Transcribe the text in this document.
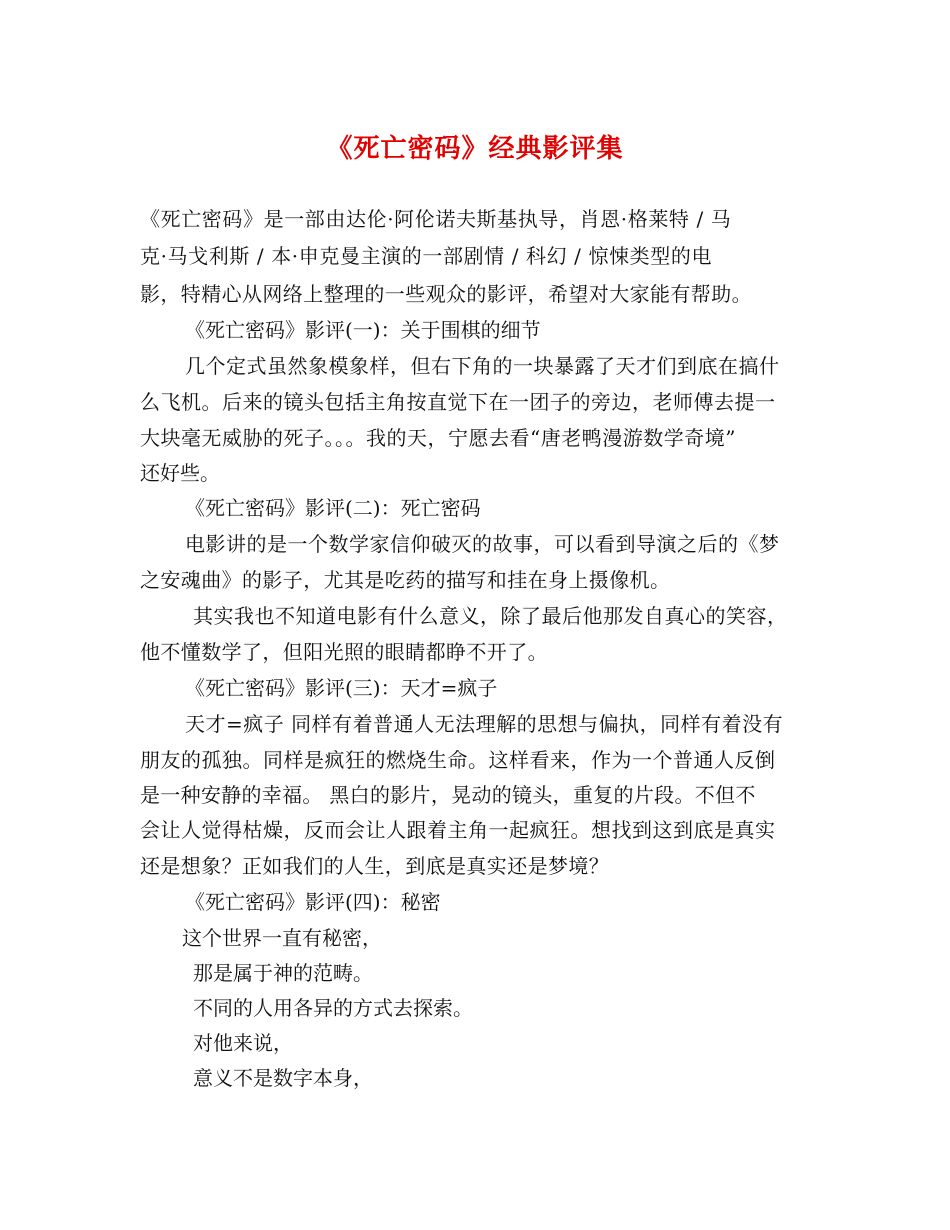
《死亡密码》经典影评集
《死亡密码》是一部由达伦·阿伦诺夫斯基执导，肖恩·格莱特 / 马
克·马戈利斯 / 本·申克曼主演的一部剧情 / 科幻 / 惊悚类型的电
影，特精心从网络上整理的一些观众的影评，希望对大家能有帮助。
《死亡密码》影评(一)：关于围棋的细节
几个定式虽然象模象样，但右下角的一块暴露了天才们到底在搞什
么飞机。后来的镜头包括主角按直觉下在一团子的旁边，老师傅去提一
大块毫无威胁的死子。。。我的天，宁愿去看“唐老鸭漫游数学奇境”
还好些。
《死亡密码》影评(二)：死亡密码
电影讲的是一个数学家信仰破灭的故事，可以看到导演之后的《梦
之安魂曲》的影子，尤其是吃药的描写和挂在身上摄像机。
其实我也不知道电影有什么意义，除了最后他那发自真心的笑容，
他不懂数学了，但阳光照的眼睛都睁不开了。
《死亡密码》影评(三)：天才=疯子
天才=疯子 同样有着普通人无法理解的思想与偏执，同样有着没有
朋友的孤独。同样是疯狂的燃烧生命。这样看来，作为一个普通人反倒
是一种安静的幸福。 黑白的影片，晃动的镜头，重复的片段。不但不
会让人觉得枯燥，反而会让人跟着主角一起疯狂。想找到这到底是真实
还是想象？正如我们的人生，到底是真实还是梦境？
《死亡密码》影评(四)：秘密
这个世界一直有秘密，
那是属于神的范畴。
不同的人用各异的方式去探索。
对他来说，
意义不是数字本身，
